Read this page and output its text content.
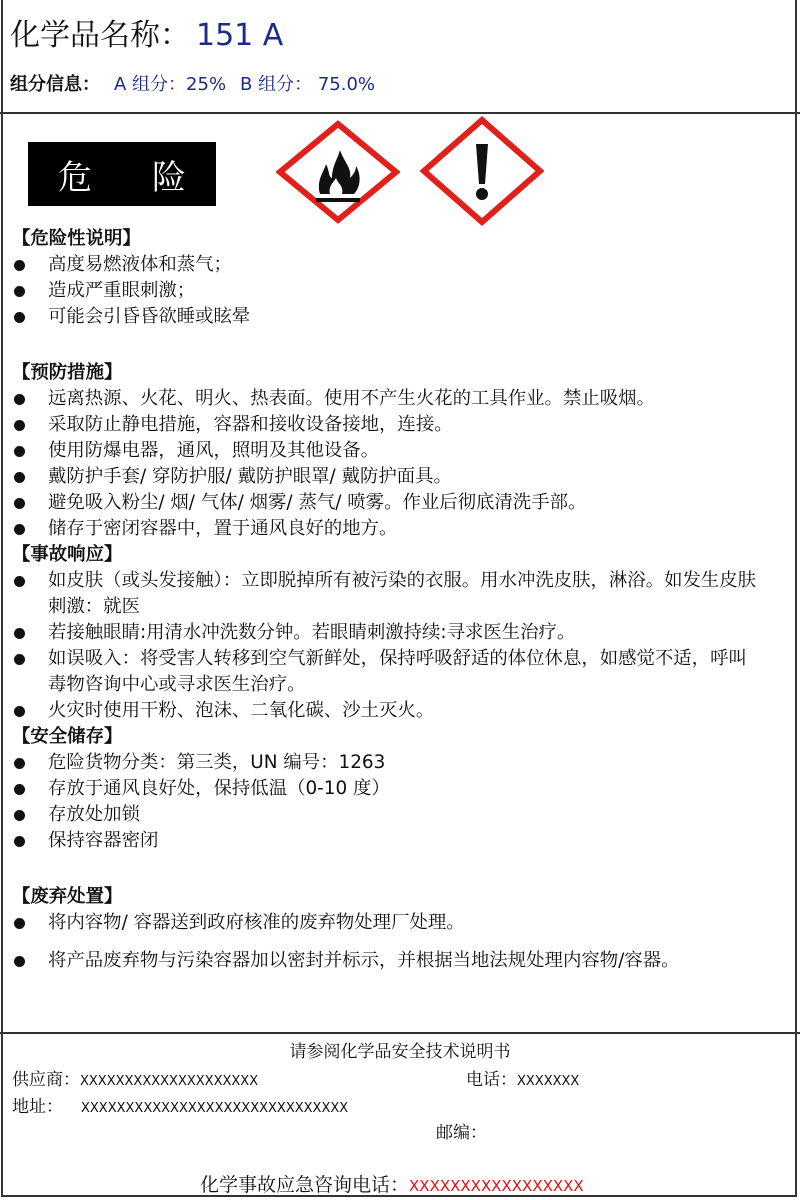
化学品名称： 151 A
组分信息： A 组分：25% B 组分： 75.0%
危 险
【危险性说明】
高度易燃液体和蒸气；
造成严重眼刺激；
可能会引昏昏欲睡或眩晕
【预防措施】
远离热源、火花、明火、热表面。使用不产生火花的工具作业。禁止吸烟。
采取防止静电措施，容器和接收设备接地，连接。
使用防爆电器，通风，照明及其他设备。
戴防护手套/ 穿防护服/ 戴防护眼罩/ 戴防护面具。
避免吸入粉尘/ 烟/ 气体/ 烟雾/ 蒸气/ 喷雾。作业后彻底清洗手部。
储存于密闭容器中，置于通风良好的地方。
【事故响应】
如皮肤（或头发接触）：立即脱掉所有被污染的衣服。用水冲洗皮肤，淋浴。如发生皮肤
刺激：就医
若接触眼睛:用清水冲洗数分钟。若眼睛刺激持续:寻求医生治疗。
如误吸入：将受害人转移到空气新鲜处，保持呼吸舒适的体位休息，如感觉不适，呼叫
毒物咨询中心或寻求医生治疗。
火灾时使用干粉、泡沫、二氧化碳、沙土灭火。
【安全储存】
危险货物分类：第三类，UN 编号：1263
存放于通风良好处，保持低温（0-10 度）
存放处加锁
保持容器密闭
【废弃处置】
将内容物/ 容器送到政府核准的废弃物处理厂处理。
将产品废弃物与污染容器加以密封并标示，并根据当地法规处理内容物/容器。
请参阅化学品安全技术说明书
供应商：XXXXXXXXXXXXXXXXXXXX	电话：XXXXXXX
地址： XXXXXXXXXXXXXXXXXXXXXXXXXXXXXX
邮编：
化学事故应急咨询电话：XXXXXXXXXXXXXXXXX
